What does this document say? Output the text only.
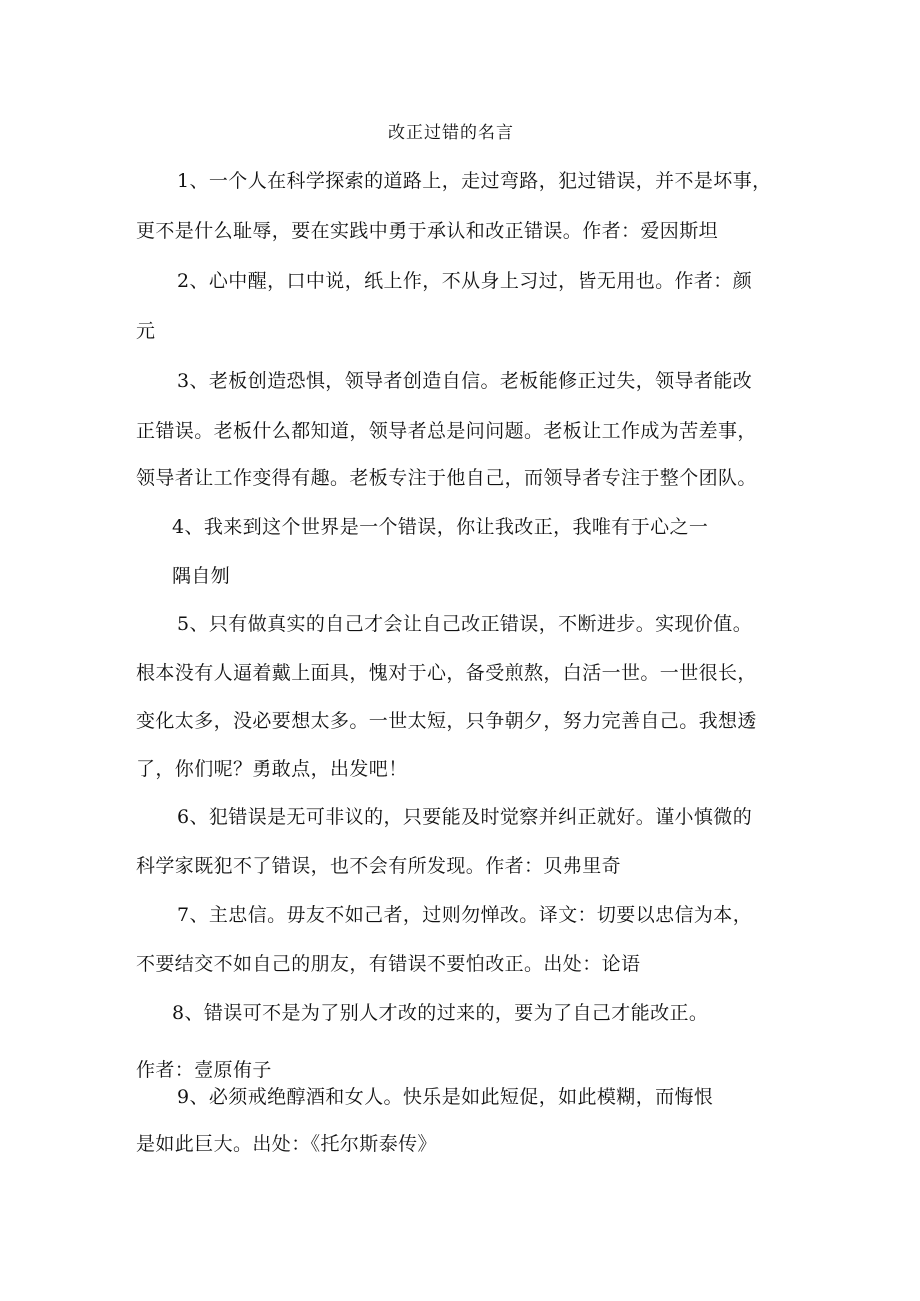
改正过错的名言
1、一个人在科学探索的道路上，走过弯路，犯过错误，并不是坏事，
更不是什么耻辱，要在实践中勇于承认和改正错误。作者：爱因斯坦
2、心中醒，口中说，纸上作，不从身上习过，皆无用也。作者：颜
元
3、老板创造恐惧，领导者创造自信。老板能修正过失，领导者能改
正错误。老板什么都知道，领导者总是问问题。老板让工作成为苦差事，
领导者让工作变得有趣。老板专注于他自己，而领导者专注于整个团队。
4、我来到这个世界是一个错误，你让我改正，我唯有于心之一
隅自刎
5、只有做真实的自己才会让自己改正错误，不断进步。实现价值。
根本没有人逼着戴上面具，愧对于心，备受煎熬，白活一世。一世很长，
变化太多，没必要想太多。一世太短，只争朝夕，努力完善自己。我想透
了，你们呢？勇敢点，出发吧！
6、犯错误是无可非议的，只要能及时觉察并纠正就好。谨小慎微的
科学家既犯不了错误，也不会有所发现。作者：贝弗里奇
7、主忠信。毋友不如己者，过则勿惮改。译文：切要以忠信为本，
不要结交不如自己的朋友，有错误不要怕改正。出处：论语
8、错误可不是为了别人才改的过来的，要为了自己才能改正。
作者：壹原侑子
9、必须戒绝醇酒和女人。快乐是如此短促，如此模糊，而悔恨
是如此巨大。出处：《托尔斯泰传》
